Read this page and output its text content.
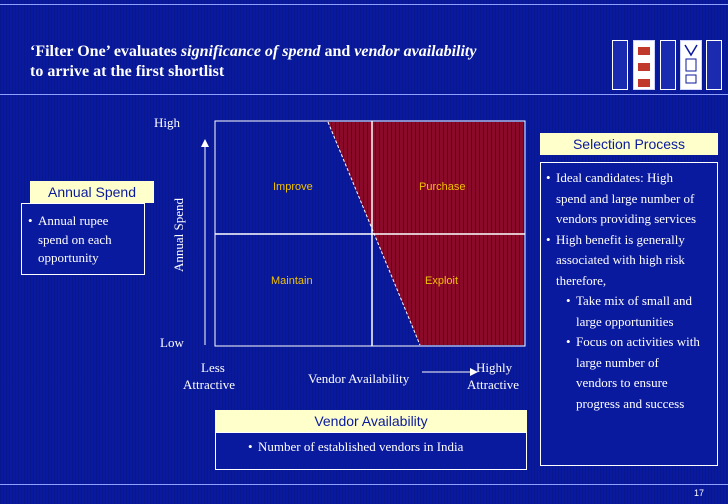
‘Filter One’ evaluates significance of spend and vendor availability
to arrive at the first shortlist
High
Low
Annual Spend
Less
Attractive	Vendor Availability
Highly
Attractive
Improve	Purchase
Maintain	Exploit
Annual Spend
• Annual rupee
spend on each
opportunity
Vendor Availability
• Number of established vendors in India
Selection Process
• Ideal candidates: High
spend and large number of
vendors providing services
• High benefit is generally
associated with high risk
therefore,
• Take mix of small and
large opportunities
• Focus on activities with
large number of
vendors to ensure
progress and success
17
